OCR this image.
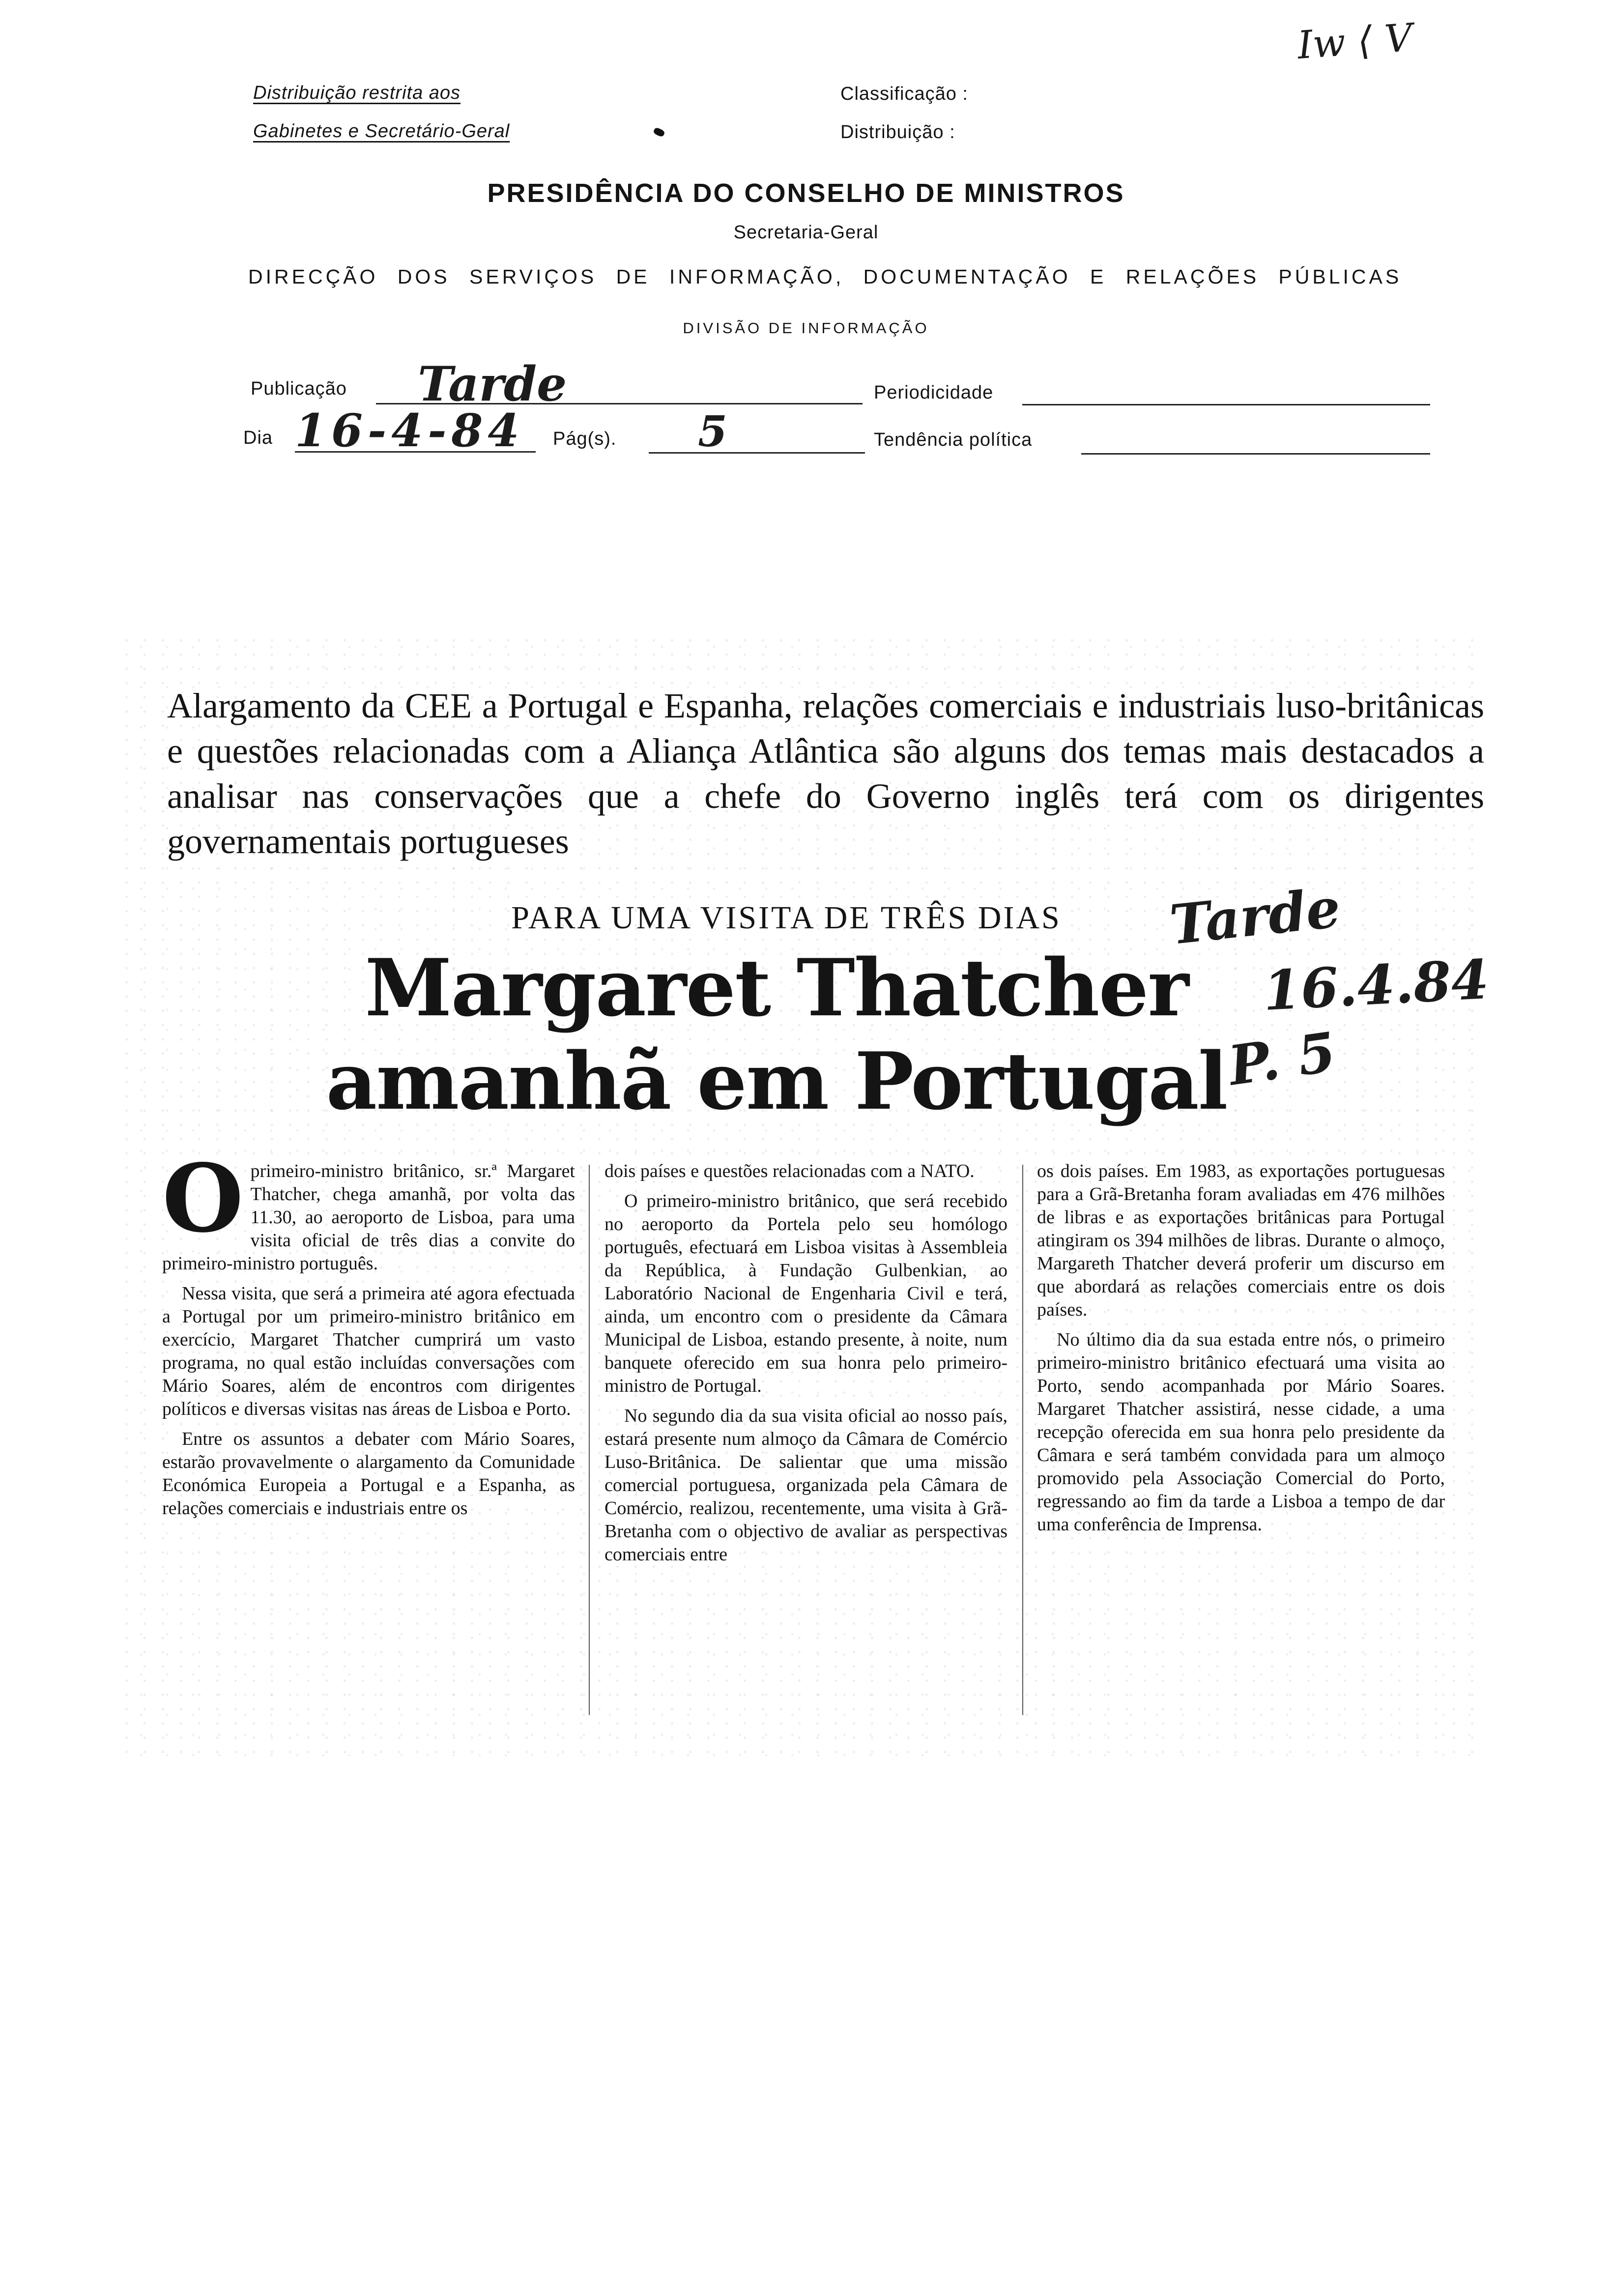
Iw ⟨ V
Distribuição restrita aos
Gabinetes e Secretário-Geral
Classificação :
Distribuição :
PRESIDÊNCIA DO CONSELHO DE MINISTROS
Secretaria-Geral
DIRECÇÃO DOS SERVIÇOS DE INFORMAÇÃO, DOCUMENTAÇÃO E RELAÇÕES PÚBLICAS
DIVISÃO DE INFORMAÇÃO
Publicação Tarde	Periodicidade
Dia 16-4-84 Pág(s). 5	Tendência política
Alargamento da CEE a Portugal e Espanha, relações comerciais e industriais luso-britânicas e questões relacionadas com a Aliança Atlântica são alguns dos temas mais destacados a analisar nas conservações que a chefe do Governo inglês terá com os dirigentes governamentais portugueses
PARA UMA VISITA DE TRÊS DIAS
Margaret Thatcher
amanhã em Portugal
Tarde
16.4.84
P. 5

Oprimeiro-ministro britânico, sr.ª Margaret Thatcher, chega amanhã, por volta das 11.30, ao aeroporto de Lisboa, para uma visita oficial de três dias a convite do primeiro-ministro português.

Nessa visita, que será a primeira até agora efectuada a Portugal por um primeiro-ministro britânico em exercício, Margaret Thatcher cumprirá um vasto programa, no qual estão incluídas conversações com Mário Soares, além de encontros com dirigentes políticos e diversas visitas nas áreas de Lisboa e Porto.

Entre os assuntos a debater com Mário Soares, estarão provavelmente o alargamento da Comunidade Económica Europeia a Portugal e a Espanha, as relações comerciais e industriais entre os

dois países e questões relacionadas com a NATO.

O primeiro-ministro britânico, que será recebido no aeroporto da Portela pelo seu homólogo português, efectuará em Lisboa visitas à Assembleia da República, à Fundação Gulbenkian, ao Laboratório Nacional de Engenharia Civil e terá, ainda, um encontro com o presidente da Câmara Municipal de Lisboa, estando presente, à noite, num banquete oferecido em sua honra pelo primeiro-ministro de Portugal.

No segundo dia da sua visita oficial ao nosso país, estará presente num almoço da Câmara de Comércio Luso-Britânica. De salientar que uma missão comercial portuguesa, organizada pela Câmara de Comércio, realizou, recentemente, uma visita à Grã-Bretanha com o objectivo de avaliar as perspectivas comerciais entre

os dois países. Em 1983, as exportações portuguesas para a Grã-Bretanha foram avaliadas em 476 milhões de libras e as exportações britânicas para Portugal atingiram os 394 milhões de libras. Durante o almoço, Margareth Thatcher deverá proferir um discurso em que abordará as relações comerciais entre os dois países.

No último dia da sua estada entre nós, o primeiro primeiro-ministro britânico efectuará uma visita ao Porto, sendo acompanhada por Mário Soares. Margaret Thatcher assistirá, nesse cidade, a uma recepção oferecida em sua honra pelo presidente da Câmara e será também convidada para um almoço promovido pela Associação Comercial do Porto, regressando ao fim da tarde a Lisboa a tempo de dar uma conferência de Imprensa.
